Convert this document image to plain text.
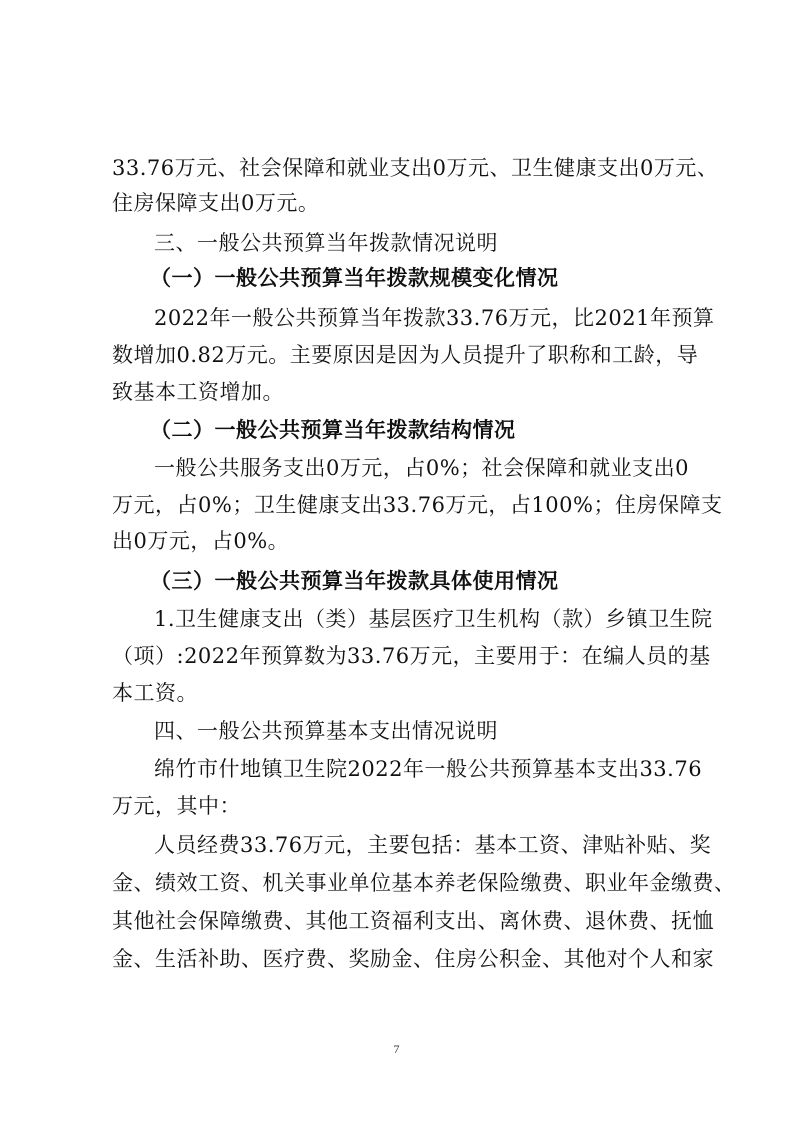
33.76万元、社会保障和就业支出0万元、卫生健康支出0万元、
住房保障支出0万元。
三、一般公共预算当年拨款情况说明
（一）一般公共预算当年拨款规模变化情况
2022年一般公共预算当年拨款33.76万元，比2021年预算
数增加0.82万元。主要原因是因为人员提升了职称和工龄，导
致基本工资增加。
（二）一般公共预算当年拨款结构情况
一般公共服务支出0万元，占0%；社会保障和就业支出0
万元，占0%；卫生健康支出33.76万元，占100%；住房保障支
出0万元，占0%。
（三）一般公共预算当年拨款具体使用情况
1.卫生健康支出（类）基层医疗卫生机构（款）乡镇卫生院
（项）:2022年预算数为33.76万元，主要用于：在编人员的基
本工资。
四、一般公共预算基本支出情况说明
绵竹市什地镇卫生院2022年一般公共预算基本支出33.76
万元，其中：
人员经费33.76万元，主要包括：基本工资、津贴补贴、奖
金、绩效工资、机关事业单位基本养老保险缴费、职业年金缴费、
其他社会保障缴费、其他工资福利支出、离休费、退休费、抚恤
金、生活补助、医疗费、奖励金、住房公积金、其他对个人和家
7
